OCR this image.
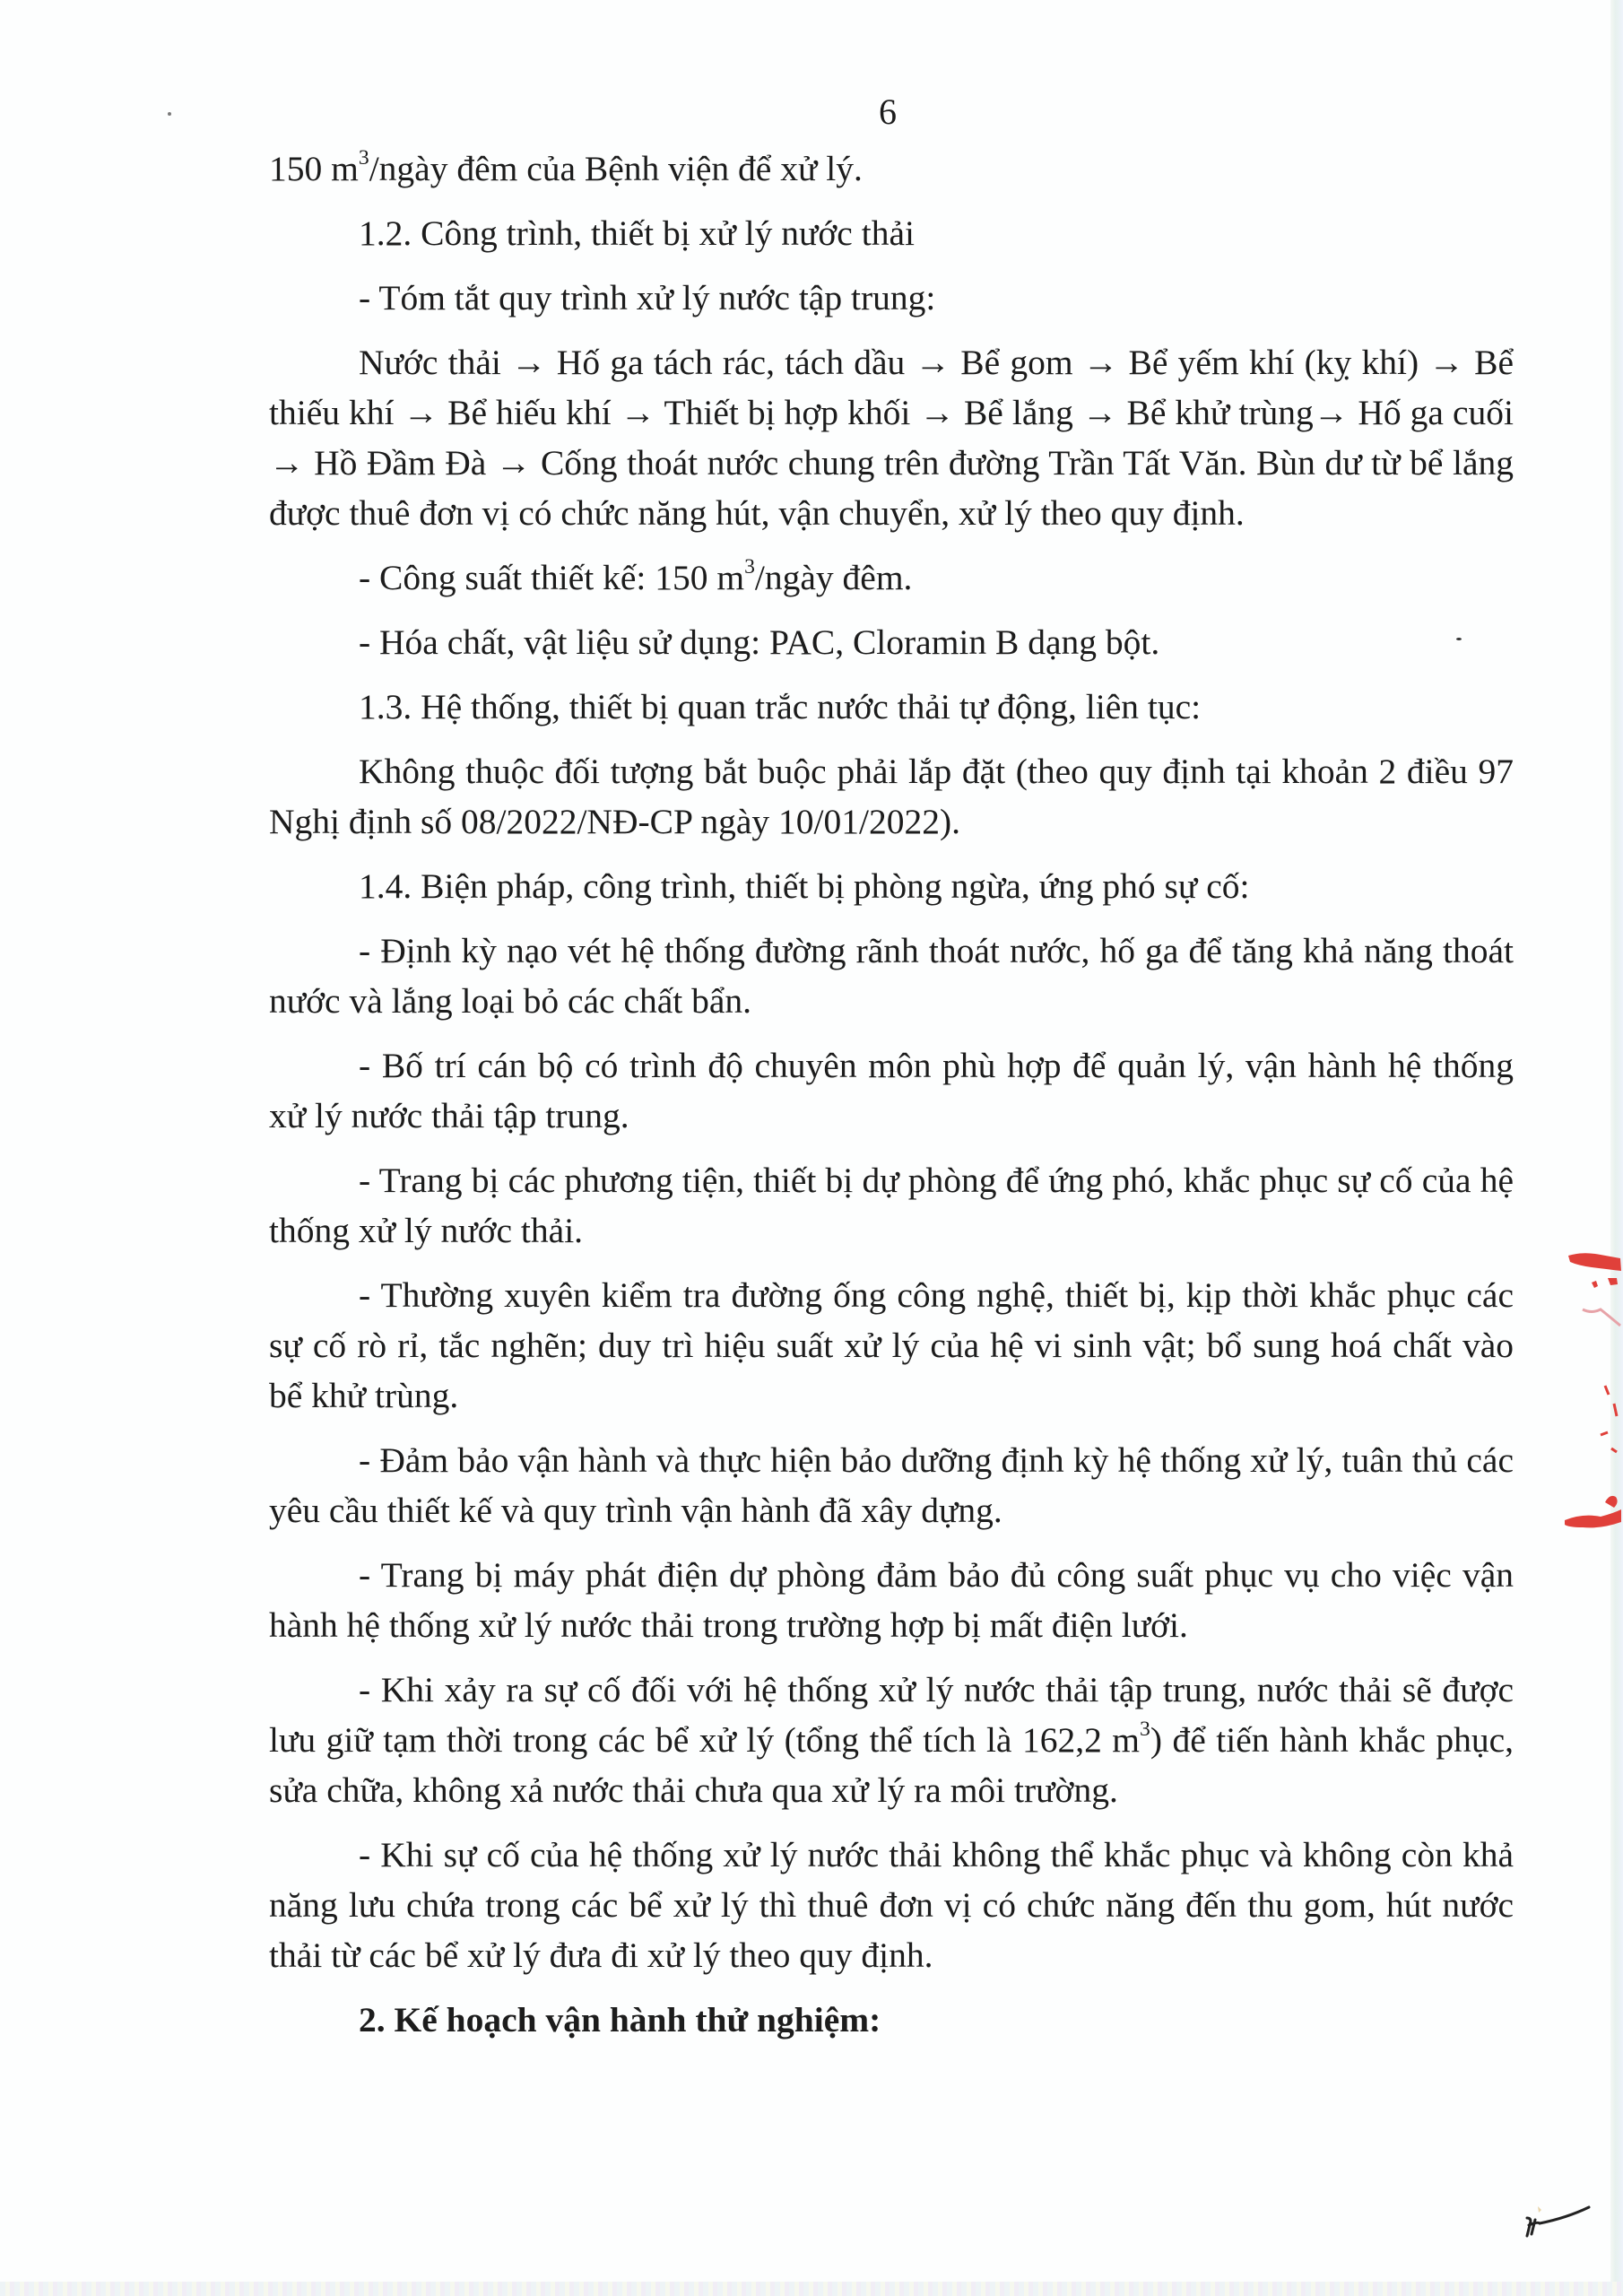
6

150 $m^3$/ngày đêm của Bệnh viện để xử lý.

1.2. Công trình, thiết bị xử lý nước thải

- Tóm tắt quy trình xử lý nước tập trung:

Nước thải → Hố ga tách rác, tách dầu → Bể gom → Bể yếm khí (kỵ khí) → Bể thiếu khí → Bể hiếu khí → Thiết bị hợp khối → Bể lắng → Bể khử trùng→ Hố ga cuối → Hồ Đầm Đà → Cống thoát nước chung trên đường Trần Tất Văn. Bùn dư từ bể lắng được thuê đơn vị có chức năng hút, vận chuyển, xử lý theo quy định.

- Công suất thiết kế: 150 $m^3$/ngày đêm.

- Hóa chất, vật liệu sử dụng: PAC, Cloramin B dạng bột.

1.3. Hệ thống, thiết bị quan trắc nước thải tự động, liên tục:

Không thuộc đối tượng bắt buộc phải lắp đặt (theo quy định tại khoản 2 điều 97 Nghị định số 08/2022/NĐ-CP ngày 10/01/2022).

1.4. Biện pháp, công trình, thiết bị phòng ngừa, ứng phó sự cố:

- Định kỳ nạo vét hệ thống đường rãnh thoát nước, hố ga để tăng khả năng thoát nước và lắng loại bỏ các chất bẩn.

- Bố trí cán bộ có trình độ chuyên môn phù hợp để quản lý, vận hành hệ thống xử lý nước thải tập trung.

- Trang bị các phương tiện, thiết bị dự phòng để ứng phó, khắc phục sự cố của hệ thống xử lý nước thải.

- Thường xuyên kiểm tra đường ống công nghệ, thiết bị, kịp thời khắc phục các sự cố rò rỉ, tắc nghẽn; duy trì hiệu suất xử lý của hệ vi sinh vật; bổ sung hoá chất vào bể khử trùng.

- Đảm bảo vận hành và thực hiện bảo dưỡng định kỳ hệ thống xử lý, tuân thủ các yêu cầu thiết kế và quy trình vận hành đã xây dựng.

- Trang bị máy phát điện dự phòng đảm bảo đủ công suất phục vụ cho việc vận hành hệ thống xử lý nước thải trong trường hợp bị mất điện lưới.

- Khi xảy ra sự cố đối với hệ thống xử lý nước thải tập trung, nước thải sẽ được lưu giữ tạm thời trong các bể xử lý (tổng thể tích là 162,2 $m^3$) để tiến hành khắc phục, sửa chữa, không xả nước thải chưa qua xử lý ra môi trường.

- Khi sự cố của hệ thống xử lý nước thải không thể khắc phục và không còn khả năng lưu chứa trong các bể xử lý thì thuê đơn vị có chức năng đến thu gom, hút nước thải từ các bể xử lý đưa đi xử lý theo quy định.

2. Kế hoạch vận hành thử nghiệm:
